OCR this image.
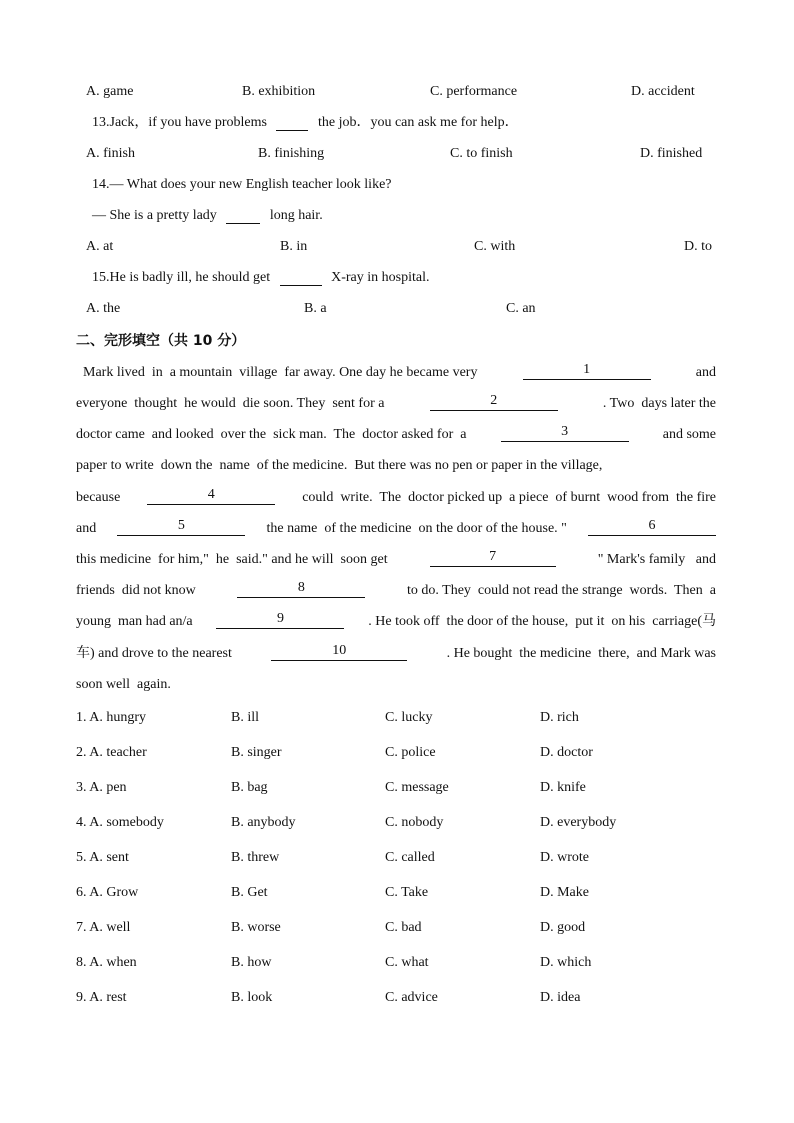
A. game	B. exhibition	C. performance	D. accident
13.Jack，if you have problems	the job．you can ask me for help．
A. finish	B. finishing	C. to finish	D. finished
14.— What does your new English teacher look like?
— She is a pretty lady	long hair.
A. at	B. in	C. with	D. to
15.He is badly ill, he should get	X-ray in hospital.
A. the	B. a	C. an
二、完形填空（共 10 分）
Mark lived  in  a mountain  village  far away. One day he became very	1	and
everyone  thought  he would  die soon. They  sent for a	2	. Two  days later the
doctor came  and looked  over the  sick man.  The  doctor asked for  a	3	and some
paper to write  down the  name  of the medicine.  But there was no pen or paper in the village,
because	4	could  write.  The  doctor picked up  a piece  of burnt  wood from  the fire
and	5	the name  of the medicine  on the door of the house. "	6
this medicine  for him,"  he  said." and he will  soon get	7	" Mark's family   and
friends  did not know	8	to do. They  could not read the strange  words.  Then  a
young  man had an/a	9	. He took off  the door of the house,  put it  on his  carriage(马
车) and drove to the nearest	10	. He bought  the medicine  there,  and Mark was
soon well  again.
1. A. hungry	B. ill	C. lucky	D. rich
2. A. teacher	B. singer	C. police	D. doctor
3. A. pen	B. bag	C. message	D. knife
4. A. somebody	B. anybody	C. nobody	D. everybody
5. A. sent	B. threw	C. called	D. wrote
6. A. Grow	B. Get	C. Take	D. Make
7. A. well	B. worse	C. bad	D. good
8. A. when	B. how	C. what	D. which
9. A. rest	B. look	C. advice	D. idea
